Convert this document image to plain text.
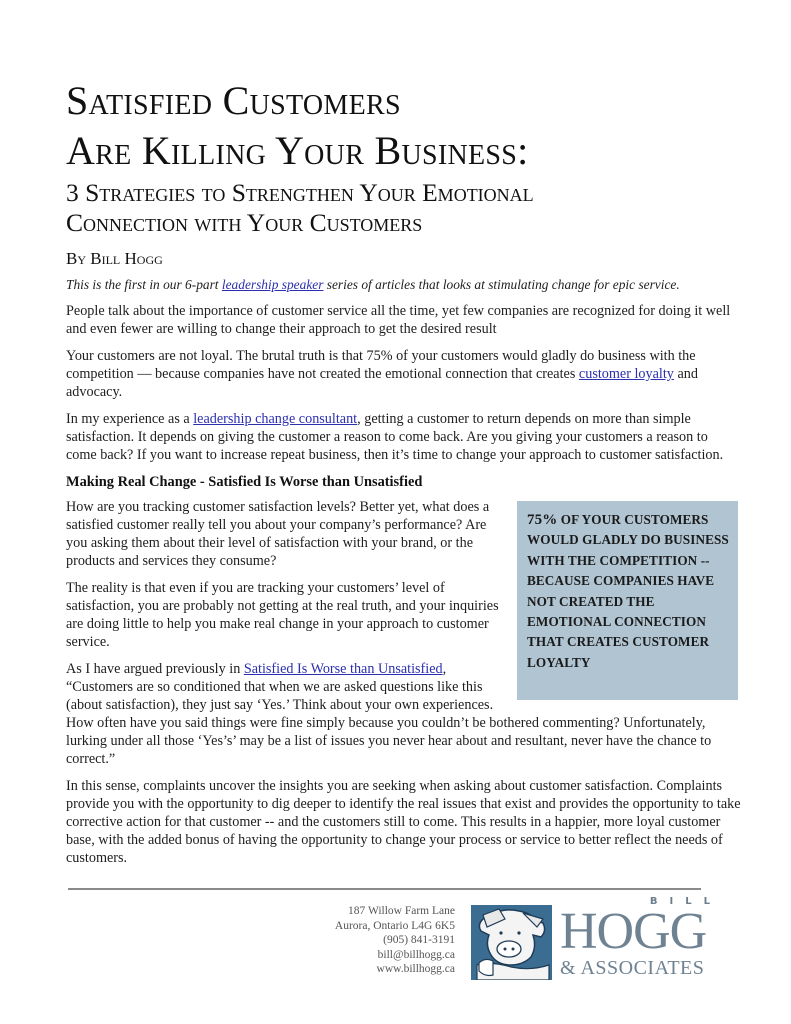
Satisfied Customers
Are Killing Your Business:
3 Strategies to Strengthen Your Emotional
Connection with Your Customers
By Bill Hogg

This is the first in our 6-part leadership speaker series of articles that looks at stimulating change for epic service.

People talk about the importance of customer service all the time, yet few companies are recognized for doing it well and even fewer are willing to change their approach to get the desired result

Your customers are not loyal. The brutal truth is that 75% of your customers would gladly do business with the competition — because companies have not created the emotional connection that creates customer loyalty and advocacy.

In my experience as a leadership change consultant, getting a customer to return depends on more than simple satisfaction. It depends on giving the customer a reason to come back. Are you giving your customers a reason to come back? If you want to increase repeat business, then it’s time to change your approach to customer satisfaction.

Making Real Change - Satisfied Is Worse than Unsatisfied
75% OF YOUR CUSTOMERS WOULD GLADLY DO BUSINESS WITH THE COMPETITION --BECAUSE COMPANIES HAVE NOT CREATED THE EMOTIONAL CONNECTION THAT CREATES CUSTOMER LOYALTY

How are you tracking customer satisfaction levels? Better yet, what does a satisfied customer really tell you about your company’s performance? Are you asking them about their level of satisfaction with your brand, or the products and services they consume?

The reality is that even if you are tracking your customers’ level of satisfaction, you are probably not getting at the real truth, and your inquiries are doing little to help you make real change in your approach to customer service.

As I have argued previously in Satisfied Is Worse than Unsatisfied, “Customers are so conditioned that when we are asked questions like this (about satisfaction), they just say ‘Yes.’ Think about your own experiences. How often have you said things were fine simply because you couldn’t be bothered commenting? Unfortunately, lurking under all those ‘Yes’s’ may be a list of issues you never hear about and resultant, never have the chance to correct.”

In this sense, complaints uncover the insights you are seeking when asking about customer satisfaction. Complaints provide you with the opportunity to dig deeper to identify the real issues that exist and provides the opportunity to take corrective action for that customer -- and the customers still to come. This results in a happier, more loyal customer base, with the added bonus of having the opportunity to change your process or service to better reflect the needs of customers.

187 Willow Farm Lane
Aurora, Ontario L4G 6K5
(905) 841-3191
bill@billhogg.ca
www.billhogg.ca
BILL
HOGG
& ASSOCIATES
